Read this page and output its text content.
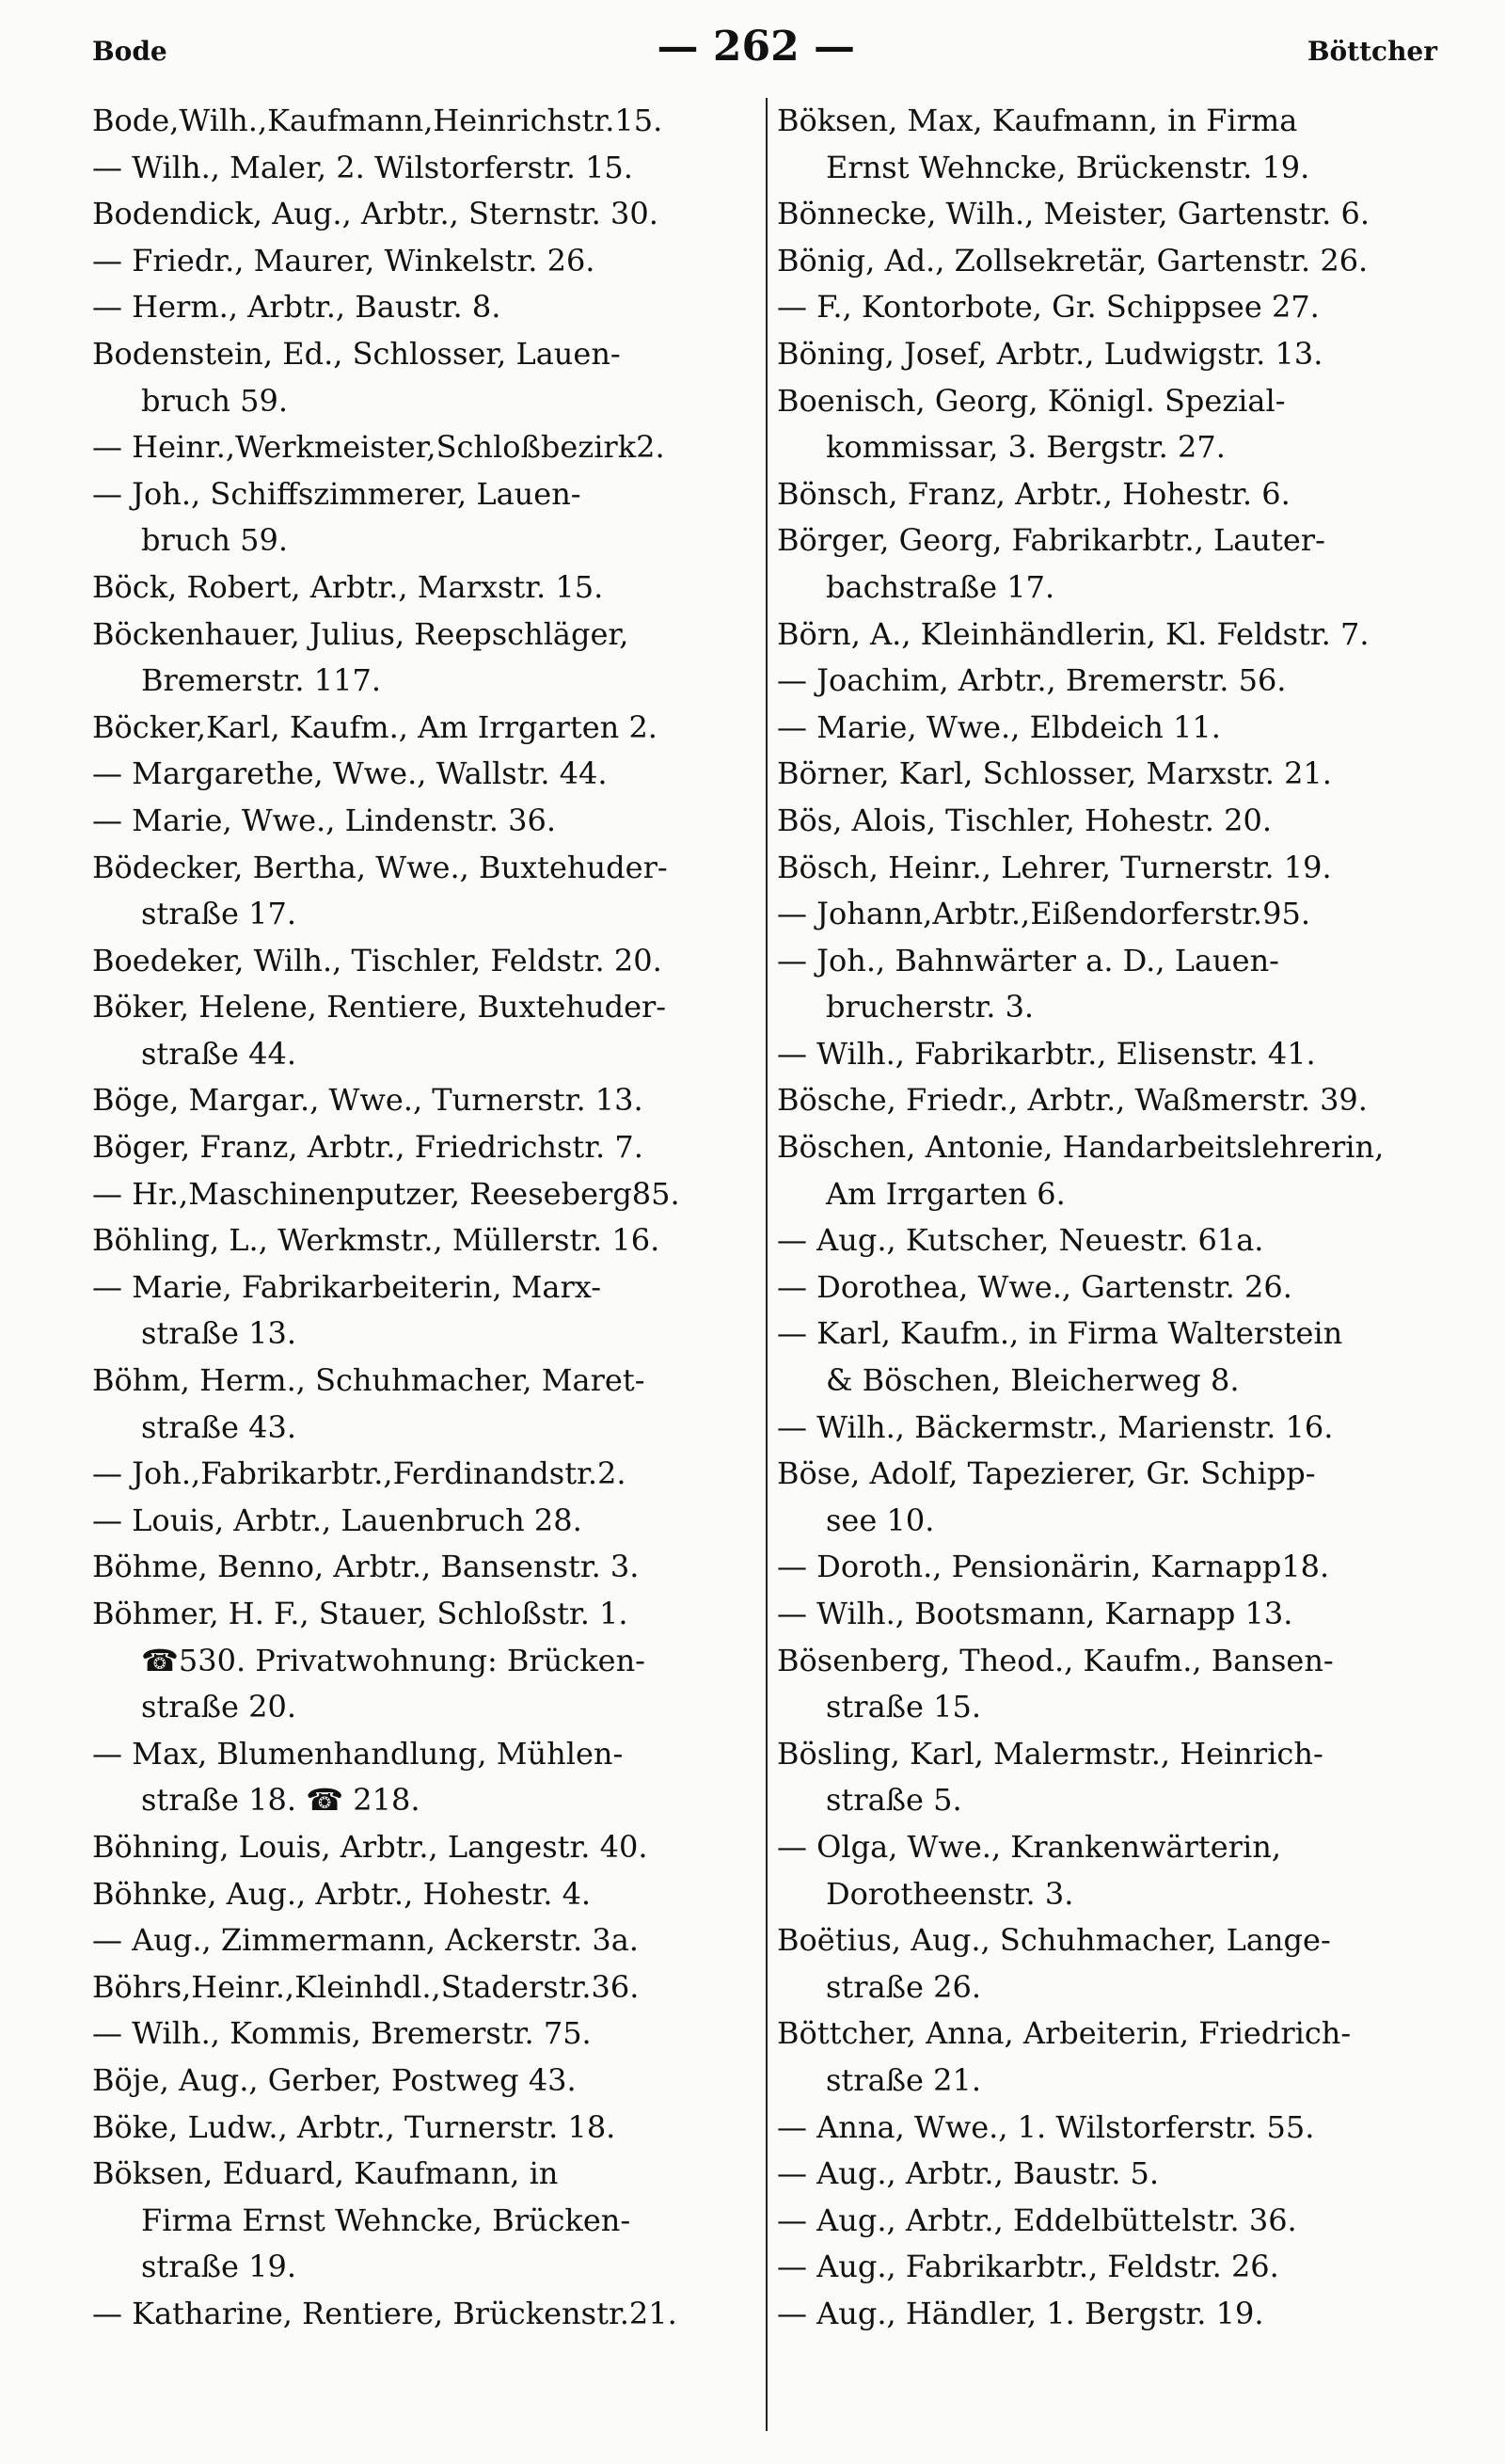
Bode	— 262 —	Böttcher
Bode,Wilh.,Kaufmann,Heinrichstr.15.
— Wilh., Maler, 2. Wilstorferstr. 15.
Bodendick, Aug., Arbtr., Sternstr. 30.
— Friedr., Maurer, Winkelstr. 26.
— Herm., Arbtr., Baustr. 8.
Bodenstein, Ed., Schlosser, Lauen-
bruch 59.
— Heinr.,Werkmeister,Schloßbezirk2.
— Joh., Schiffszimmerer, Lauen-
bruch 59.
Böck, Robert, Arbtr., Marxstr. 15.
Böckenhauer, Julius, Reepschläger,
Bremerstr. 117.
Böcker,Karl, Kaufm., Am Irrgarten 2.
— Margarethe, Wwe., Wallstr. 44.
— Marie, Wwe., Lindenstr. 36.
Bödecker, Bertha, Wwe., Buxtehuder-
straße 17.
Boedeker, Wilh., Tischler, Feldstr. 20.
Böker, Helene, Rentiere, Buxtehuder-
straße 44.
Böge, Margar., Wwe., Turnerstr. 13.
Böger, Franz, Arbtr., Friedrichstr. 7.
— Hr.,Maschinenputzer, Reeseberg85.
Böhling, L., Werkmstr., Müllerstr. 16.
— Marie, Fabrikarbeiterin, Marx-
straße 13.
Böhm, Herm., Schuhmacher, Maret-
straße 43.
— Joh.,Fabrikarbtr.,Ferdinandstr.2.
— Louis, Arbtr., Lauenbruch 28.
Böhme, Benno, Arbtr., Bansenstr. 3.
Böhmer, H. F., Stauer, Schloßstr. 1.
☎530. Privatwohnung: Brücken-
straße 20.
— Max, Blumenhandlung, Mühlen-
straße 18. ☎ 218.
Böhning, Louis, Arbtr., Langestr. 40.
Böhnke, Aug., Arbtr., Hohestr. 4.
— Aug., Zimmermann, Ackerstr. 3a.
Böhrs,Heinr.,Kleinhdl.,Staderstr.36.
— Wilh., Kommis, Bremerstr. 75.
Böje, Aug., Gerber, Postweg 43.
Böke, Ludw., Arbtr., Turnerstr. 18.
Böksen, Eduard, Kaufmann, in
Firma Ernst Wehncke, Brücken-
straße 19.
— Katharine, Rentiere, Brückenstr.21.
Böksen, Max, Kaufmann, in Firma
Ernst Wehncke, Brückenstr. 19.
Bönnecke, Wilh., Meister, Gartenstr. 6.
Bönig, Ad., Zollsekretär, Gartenstr. 26.
— F., Kontorbote, Gr. Schippsee 27.
Böning, Josef, Arbtr., Ludwigstr. 13.
Boenisch, Georg, Königl. Spezial-
kommissar, 3. Bergstr. 27.
Bönsch, Franz, Arbtr., Hohestr. 6.
Börger, Georg, Fabrikarbtr., Lauter-
bachstraße 17.
Börn, A., Kleinhändlerin, Kl. Feldstr. 7.
— Joachim, Arbtr., Bremerstr. 56.
— Marie, Wwe., Elbdeich 11.
Börner, Karl, Schlosser, Marxstr. 21.
Bös, Alois, Tischler, Hohestr. 20.
Bösch, Heinr., Lehrer, Turnerstr. 19.
— Johann,Arbtr.,Eißendorferstr.95.
— Joh., Bahnwärter a. D., Lauen-
brucherstr. 3.
— Wilh., Fabrikarbtr., Elisenstr. 41.
Bösche, Friedr., Arbtr., Waßmerstr. 39.
Böschen, Antonie, Handarbeitslehrerin,
Am Irrgarten 6.
— Aug., Kutscher, Neuestr. 61a.
— Dorothea, Wwe., Gartenstr. 26.
— Karl, Kaufm., in Firma Walterstein
& Böschen, Bleicherweg 8.
— Wilh., Bäckermstr., Marienstr. 16.
Böse, Adolf, Tapezierer, Gr. Schipp-
see 10.
— Doroth., Pensionärin, Karnapp18.
— Wilh., Bootsmann, Karnapp 13.
Bösenberg, Theod., Kaufm., Bansen-
straße 15.
Bösling, Karl, Malermstr., Heinrich-
straße 5.
— Olga, Wwe., Krankenwärterin,
Dorotheenstr. 3.
Boëtius, Aug., Schuhmacher, Lange-
straße 26.
Böttcher, Anna, Arbeiterin, Friedrich-
straße 21.
— Anna, Wwe., 1. Wilstorferstr. 55.
— Aug., Arbtr., Baustr. 5.
— Aug., Arbtr., Eddelbüttelstr. 36.
— Aug., Fabrikarbtr., Feldstr. 26.
— Aug., Händler, 1. Bergstr. 19.
